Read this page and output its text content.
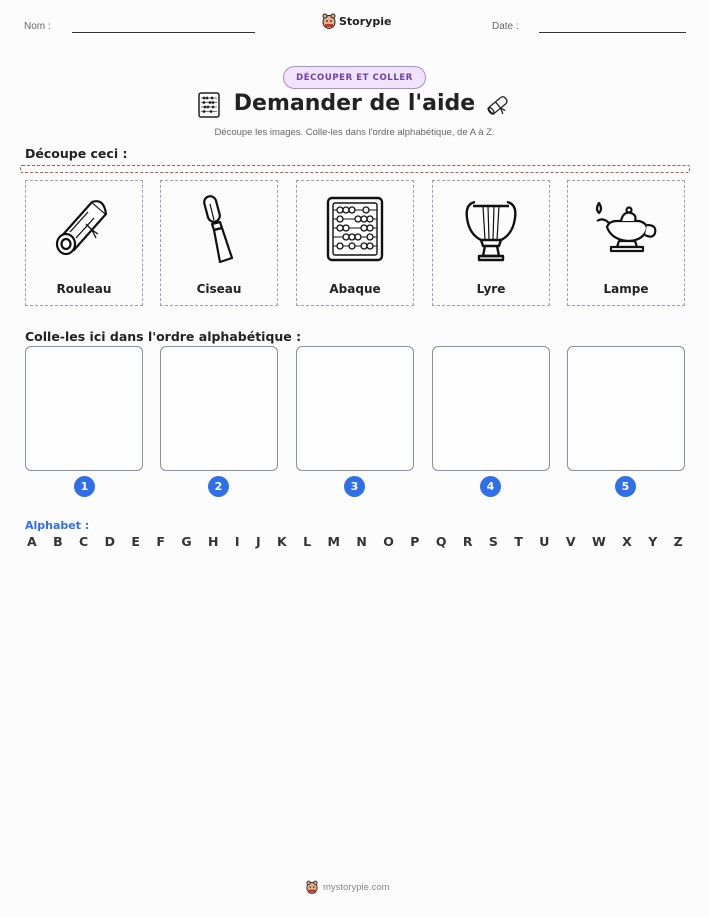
Nom :	Storypie	Date :
DÉCOUPER ET COLLER
Demander de l'aide
Découpe les images. Colle-les dans l'ordre alphabétique, de A à Z.
Découpe ceci :
Rouleau	Ciseau	Abaque	Lyre	Lampe
Colle-les ici dans l'ordre alphabétique :
1	2	3	4	5
Alphabet :
A B C D E F G H I J K L M N O P Q R S T U V W X Y Z
mystorypie.com
